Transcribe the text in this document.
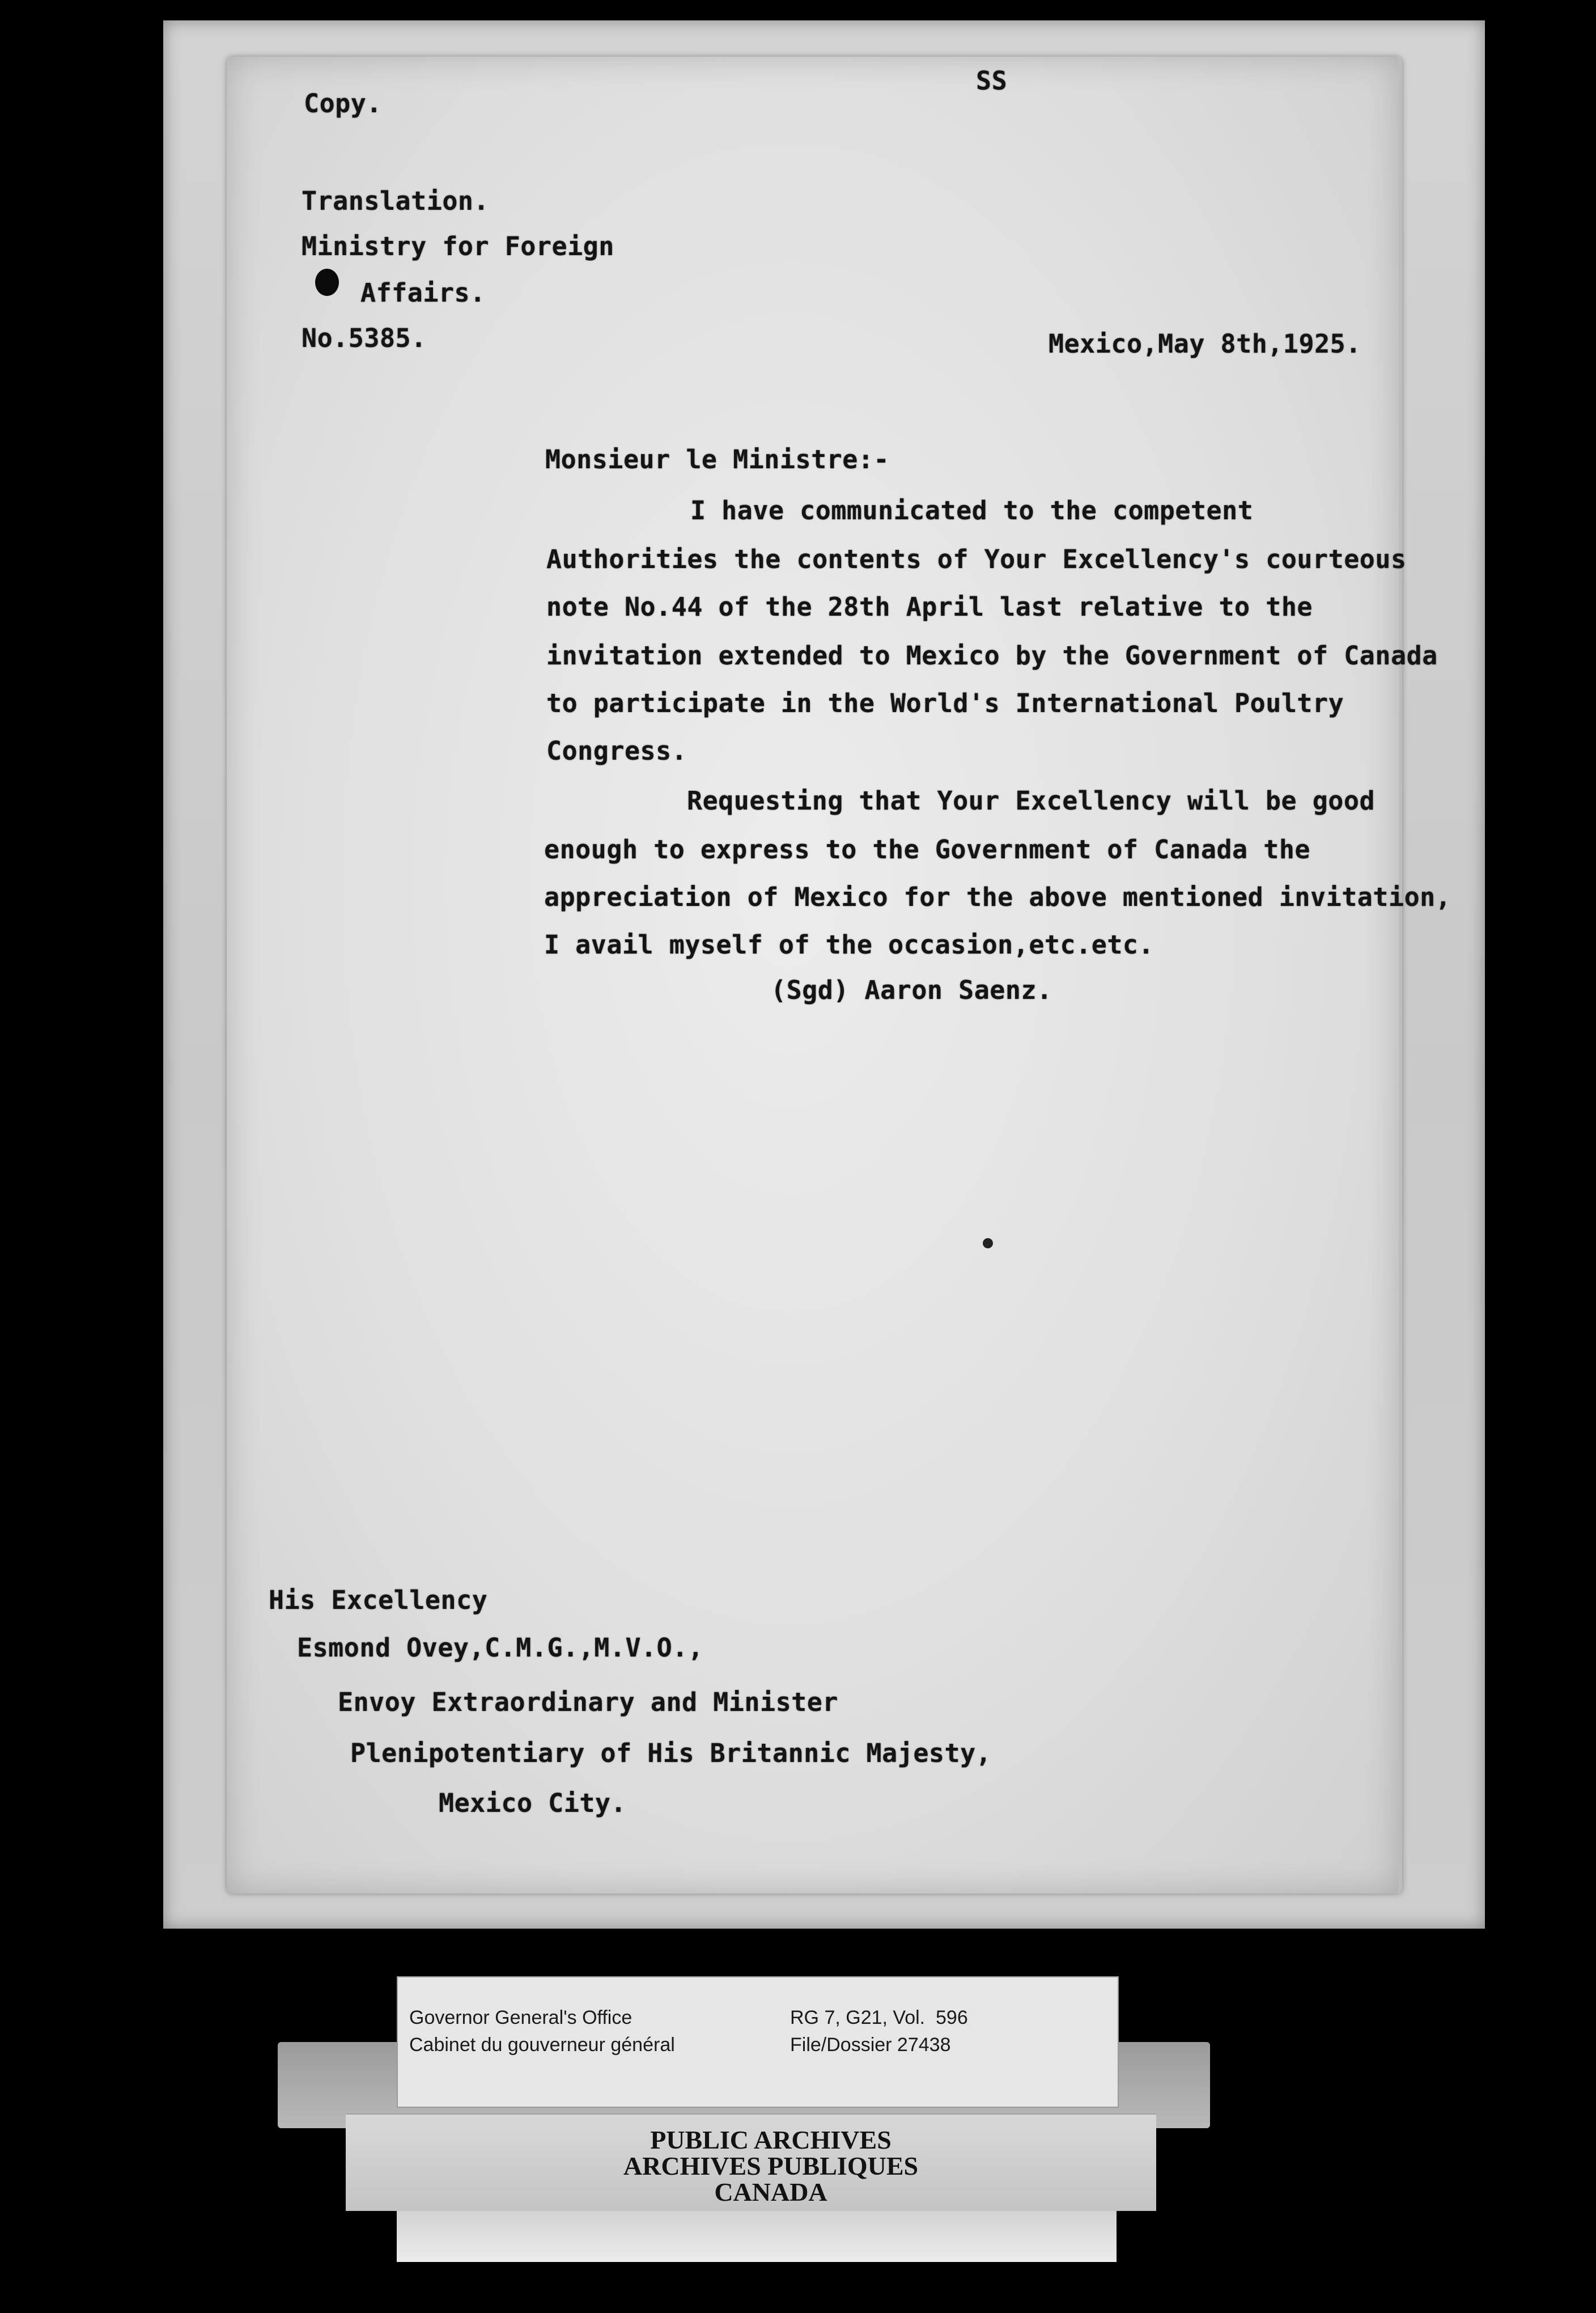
SS
Copy.
Translation.
Ministry for Foreign
Affairs.
No.5385.	Mexico,May 8th,1925.
Monsieur le Ministre:-
I have communicated to the competent
Authorities the contents of Your Excellency's courteous
note No.44 of the 28th April last relative to the
invitation extended to Mexico by the Government of Canada
to participate in the World's International Poultry
Congress.
Requesting that Your Excellency will be good
enough to express to the Government of Canada the
appreciation of Mexico for the above mentioned invitation,
I avail myself of the occasion,etc.etc.
(Sgd) Aaron Saenz.
His Excellency
Esmond Ovey,C.M.G.,M.V.O.,
Envoy Extraordinary and Minister
Plenipotentiary of His Britannic Majesty,
Mexico City.
Governor General's Office
Cabinet du gouverneur général
RG 7, G21, Vol.  596
File/Dossier 27438
PUBLIC ARCHIVES
ARCHIVES PUBLIQUES
CANADA
